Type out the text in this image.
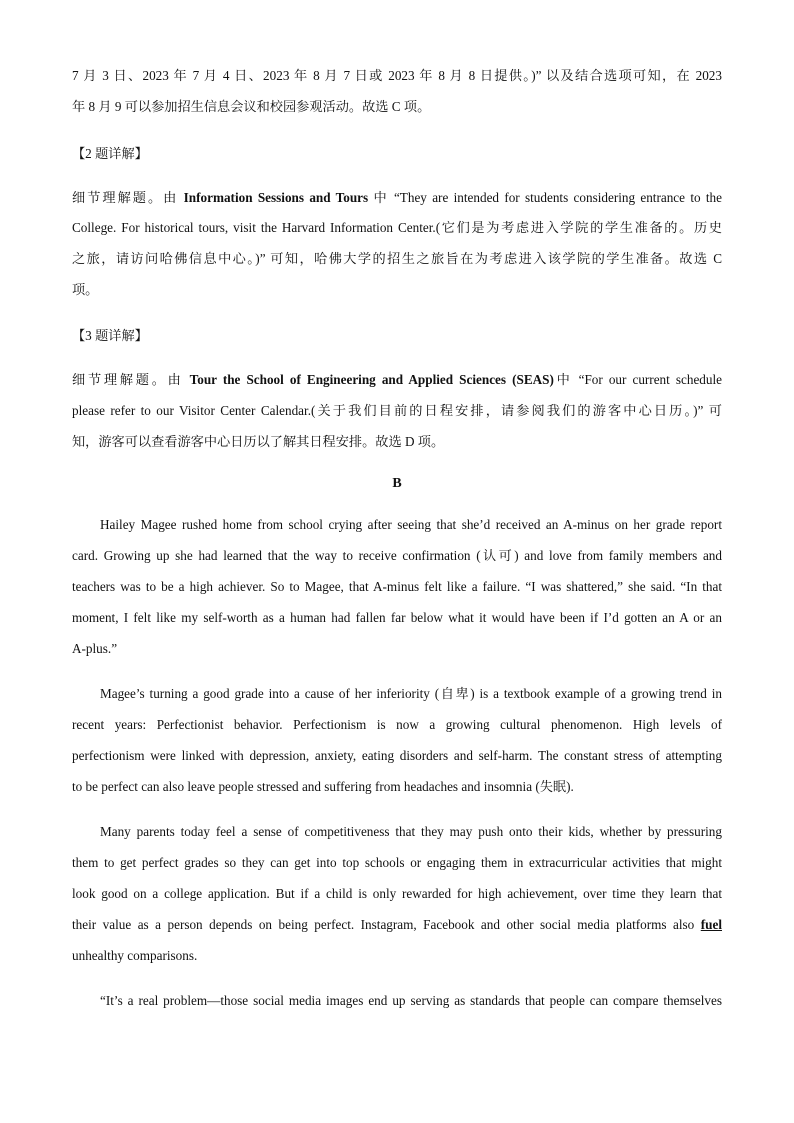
7 月 3 日、2023 年 7 月 4 日、2023 年 8 月 7 日或 2023 年 8 月 8 日提供。)” 以及结合选项可知，在 2023
年 8 月 9 可以参加招生信息会议和校园参观活动。故选 C 项。
【2 题详解】
细节理解题。由 Information Sessions and Tours 中 “They are intended for students considering entrance to the
College. For historical tours, visit the Harvard Information Center.(它们是为考虑进入学院的学生准备的。历史
之旅，请访问哈佛信息中心。)” 可知，哈佛大学的招生之旅旨在为考虑进入该学院的学生准备。故选 C
项。
【3 题详解】
细节理解题。由 Tour the School of Engineering and Applied Sciences (SEAS)中 “For our current schedule
please refer to our Visitor Center Calendar.(关于我们目前的日程安排，请参阅我们的游客中心日历。)” 可
知，游客可以查看游客中心日历以了解其日程安排。故选 D 项。
B
Hailey Magee rushed home from school crying after seeing that she’d received an A-minus on her grade report
card. Growing up she had learned that the way to receive confirmation (认可) and love from family members and
teachers was to be a high achiever. So to Magee, that A-minus felt like a failure. “I was shattered,” she said. “In that
moment, I felt like my self-worth as a human had fallen far below what it would have been if I’d gotten an A or an
A-plus.”
Magee’s turning a good grade into a cause of her inferiority (自卑) is a textbook example of a growing trend in
recent years: Perfectionist behavior. Perfectionism is now a growing cultural phenomenon. High levels of
perfectionism were linked with depression, anxiety, eating disorders and self-harm. The constant stress of attempting
to be perfect can also leave people stressed and suffering from headaches and insomnia (失眠).
Many parents today feel a sense of competitiveness that they may push onto their kids, whether by pressuring
them to get perfect grades so they can get into top schools or engaging them in extracurricular activities that might
look good on a college application. But if a child is only rewarded for high achievement, over time they learn that
their value as a person depends on being perfect. Instagram, Facebook and other social media platforms also fuel
unhealthy comparisons.
“It’s a real problem—those social media images end up serving as standards that people can compare themselves
